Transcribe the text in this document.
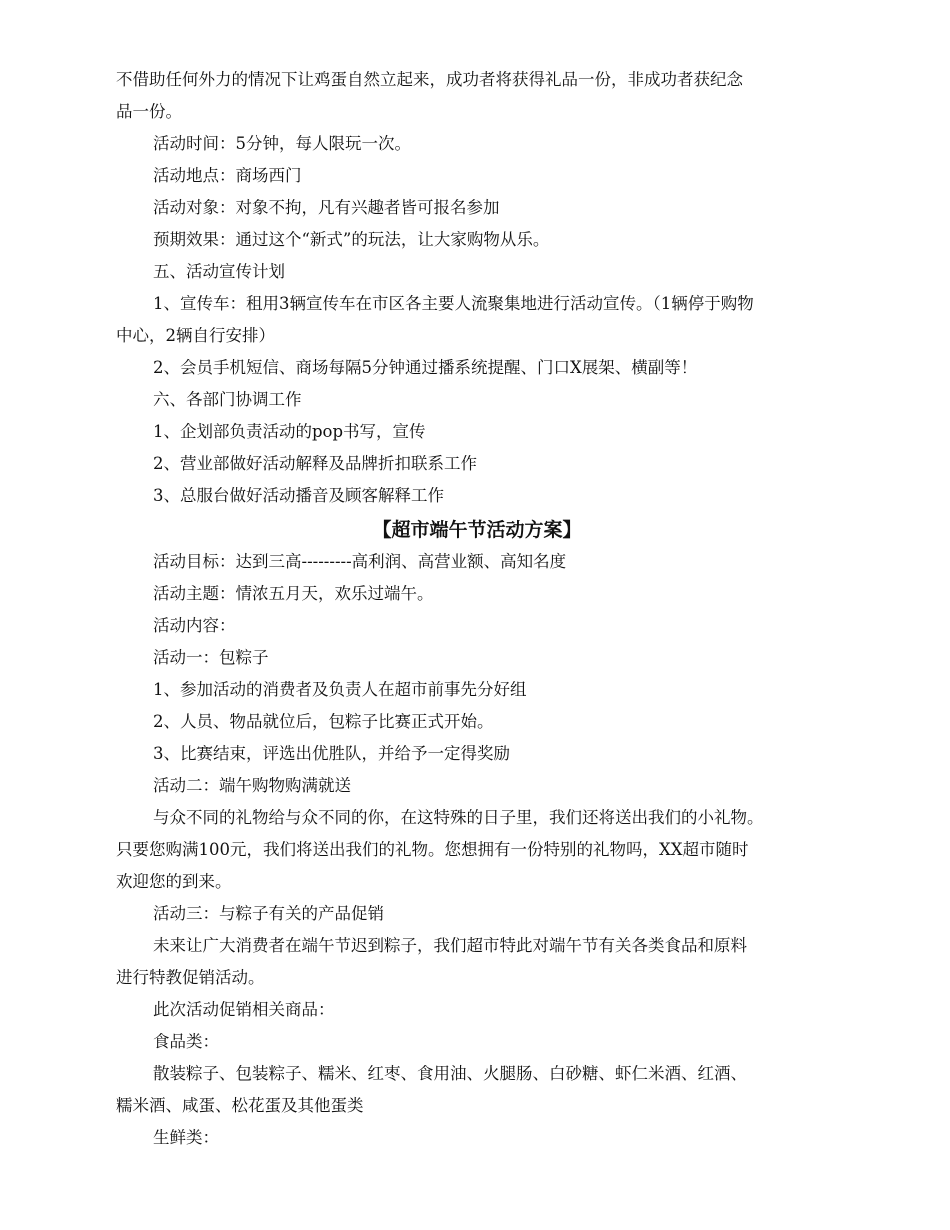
不借助任何外力的情况下让鸡蛋自然立起来，成功者将获得礼品一份，非成功者获纪念
品一份。
活动时间：5分钟，每人限玩一次。
活动地点：商场西门
活动对象：对象不拘，凡有兴趣者皆可报名参加
预期效果：通过这个“新式”的玩法，让大家购物从乐。
五、活动宣传计划
1、宣传车：租用3辆宣传车在市区各主要人流聚集地进行活动宣传。（1辆停于购物
中心，2辆自行安排）
2、会员手机短信、商场每隔5分钟通过播系统提醒、门口X展架、横副等！
六、各部门协调工作
1、企划部负责活动的pop书写，宣传
2、营业部做好活动解释及品牌折扣联系工作
3、总服台做好活动播音及顾客解释工作
【超市端午节活动方案】
活动目标：达到三高---------高利润、高营业额、高知名度
活动主题：情浓五月天，欢乐过端午。
活动内容：
活动一：包粽子
1、参加活动的消费者及负责人在超市前事先分好组
2、人员、物品就位后，包粽子比赛正式开始。
3、比赛结束，评选出优胜队，并给予一定得奖励
活动二：端午购物购满就送
与众不同的礼物给与众不同的你，在这特殊的日子里，我们还将送出我们的小礼物。
只要您购满100元，我们将送出我们的礼物。您想拥有一份特别的礼物吗，XX超市随时
欢迎您的到来。
活动三：与粽子有关的产品促销
未来让广大消费者在端午节迟到粽子，我们超市特此对端午节有关各类食品和原料
进行特教促销活动。
此次活动促销相关商品：
食品类：
散装粽子、包装粽子、糯米、红枣、食用油、火腿肠、白砂糖、虾仁米酒、红酒、
糯米酒、咸蛋、松花蛋及其他蛋类
生鲜类：
